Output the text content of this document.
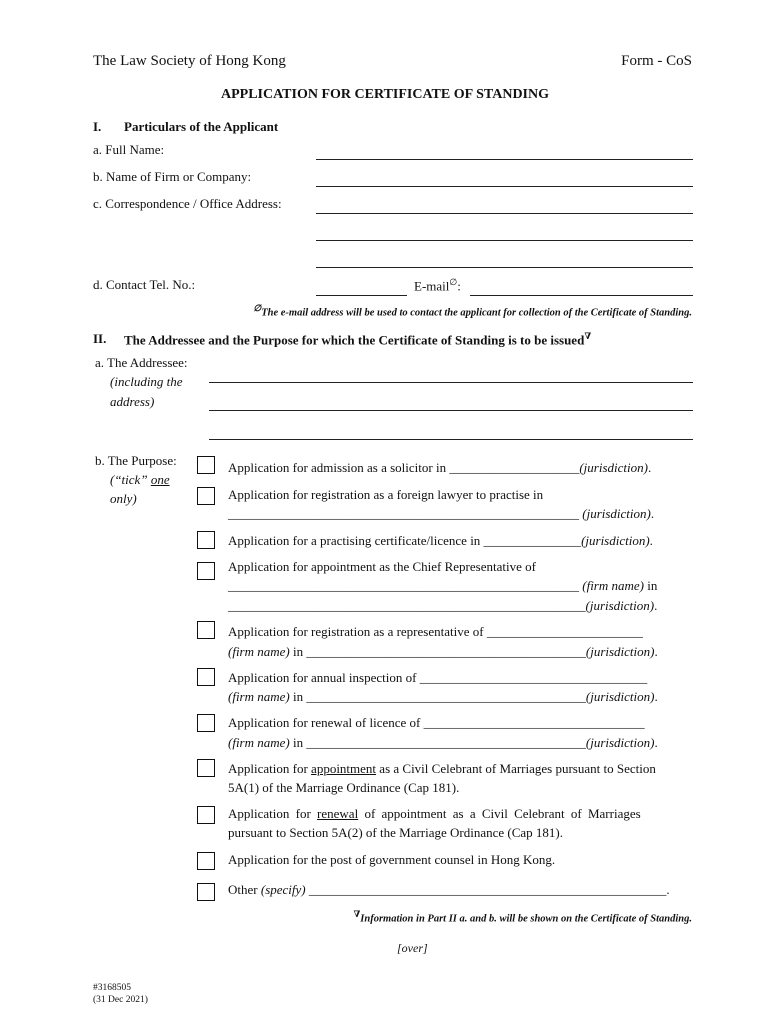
The Law Society of Hong Kong	Form - CoS
APPLICATION FOR CERTIFICATE OF STANDING
I. Particulars of the Applicant
a. Full Name:
b. Name of Firm or Company:
c. Correspondence / Office Address:
d. Contact Tel. No.:	E-mail∅:
∅The e-mail address will be used to contact the applicant for collection of the Certificate of Standing.
II. The Addressee and the Purpose for which the Certificate of Standing is to be issued∇
a. The Addressee:
(including the
address)
b. The Purpose:
(“tick” one
only)
Application for admission as a solicitor in ____________________(jurisdiction).
Application for registration as a foreign lawyer to practise in
______________________________________________________ (jurisdiction).
Application for a practising certificate/licence in _______________(jurisdiction).
Application for appointment as the Chief Representative of
______________________________________________________ (firm name) in
_______________________________________________________(jurisdiction).
Application for registration as a representative of ________________________
(firm name) in ___________________________________________(jurisdiction).
Application for annual inspection of ___________________________________
(firm name) in ___________________________________________(jurisdiction).
Application for renewal of licence of __________________________________
(firm name) in ___________________________________________(jurisdiction).
Application for appointment as a Civil Celebrant of Marriages pursuant to Section
5A(1) of the Marriage Ordinance (Cap 181).
Application for renewal of appointment as a Civil Celebrant of Marriages
pursuant to Section 5A(2) of the Marriage Ordinance (Cap 181).
Application for the post of government counsel in Hong Kong.
Other (specify) _______________________________________________________.
∇Information in Part II a. and b. will be shown on the Certificate of Standing.
[over]
#3168505
(31 Dec 2021)
